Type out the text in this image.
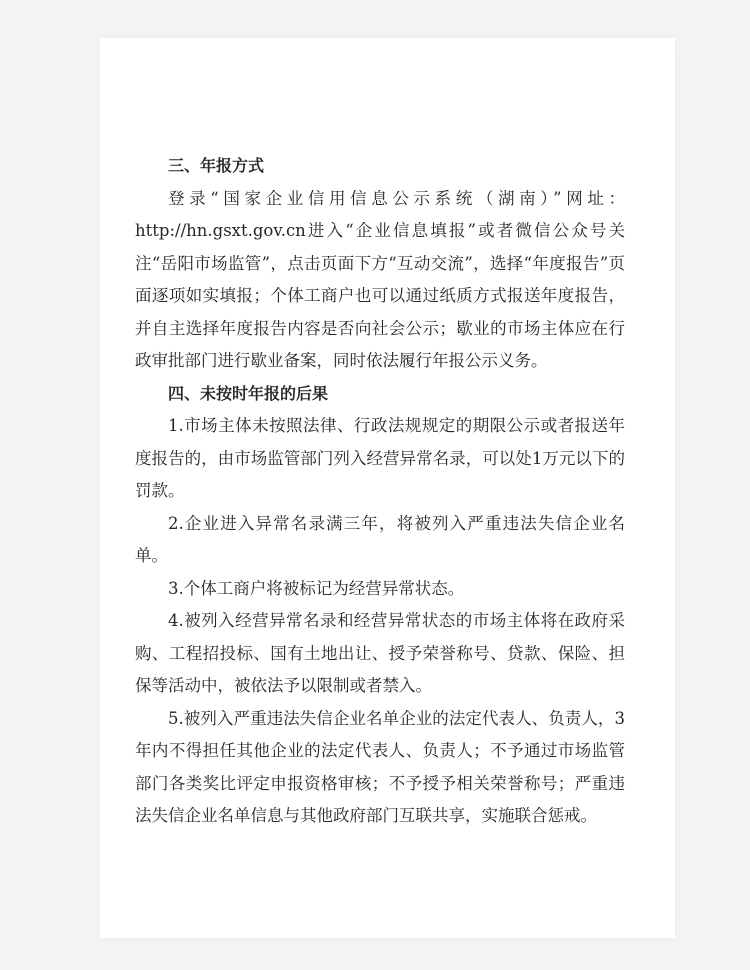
三、年报方式

登录“国家企业信用信息公示系统（湖南）”网址：http://hn.gsxt.gov.cn进入“企业信息填报”或者微信公众号关注“岳阳市场监管”，点击页面下方“互动交流”，选择“年度报告”页面逐项如实填报；个体工商户也可以通过纸质方式报送年度报告，并自主选择年度报告内容是否向社会公示；歇业的市场主体应在行政审批部门进行歇业备案，同时依法履行年报公示义务。

四、未按时年报的后果

1.市场主体未按照法律、行政法规规定的期限公示或者报送年度报告的，由市场监管部门列入经营异常名录，可以处1万元以下的罚款。

2.企业进入异常名录满三年，将被列入严重违法失信企业名单。

3.个体工商户将被标记为经营异常状态。

4.被列入经营异常名录和经营异常状态的市场主体将在政府采购、工程招投标、国有土地出让、授予荣誉称号、贷款、保险、担保等活动中，被依法予以限制或者禁入。

5.被列入严重违法失信企业名单企业的法定代表人、负责人，3年内不得担任其他企业的法定代表人、负责人；不予通过市场监管部门各类奖比评定申报资格审核；不予授予相关荣誉称号；严重违法失信企业名单信息与其他政府部门互联共享，实施联合惩戒。
